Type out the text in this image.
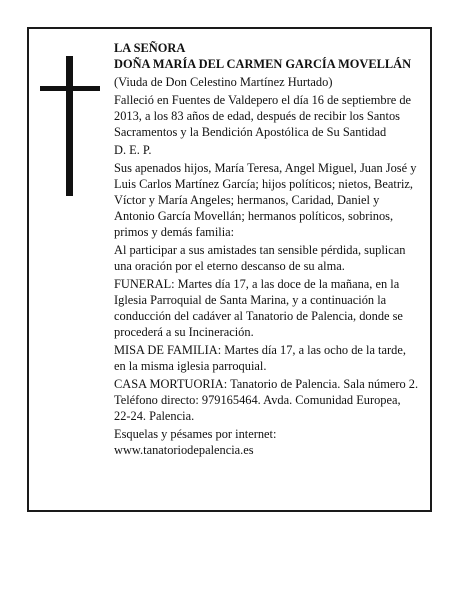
LA SEÑORA

DOÑA MARÍA DEL CARMEN GARCÍA MOVELLÁN

(Viuda de Don Celestino Martínez Hurtado)

Falleció en Fuentes de Valdepero el día 16 de septiembre de 2013, a los 83 años de edad, después de recibir los Santos Sacramentos y la Bendición Apostólica de Su Santidad

D. E. P.

Sus apenados hijos, María Teresa, Angel Miguel, Juan José y Luis Carlos Martínez García; hijos políticos; nietos, Beatriz, Víctor y María Angeles; hermanos, Caridad, Daniel y Antonio García Movellán; hermanos políticos, sobrinos, primos y demás familia:

Al participar a sus amistades tan sensible pérdida, suplican una oración por el eterno descanso de su alma.

FUNERAL: Martes día 17, a las doce de la mañana, en la Iglesia Parroquial de Santa Marina, y a continuación la conducción del cadáver al Tanatorio de Palencia, donde se procederá a su Incineración.

MISA DE FAMILIA: Martes día 17, a las ocho de la tarde, en la misma iglesia parroquial.

CASA MORTUORIA: Tanatorio de Palencia. Sala número 2. Teléfono directo: 979165464. Avda. Comunidad Europea, 22-24. Palencia.

Esquelas y pésames por internet:

www.tanatoriodepalencia.es
